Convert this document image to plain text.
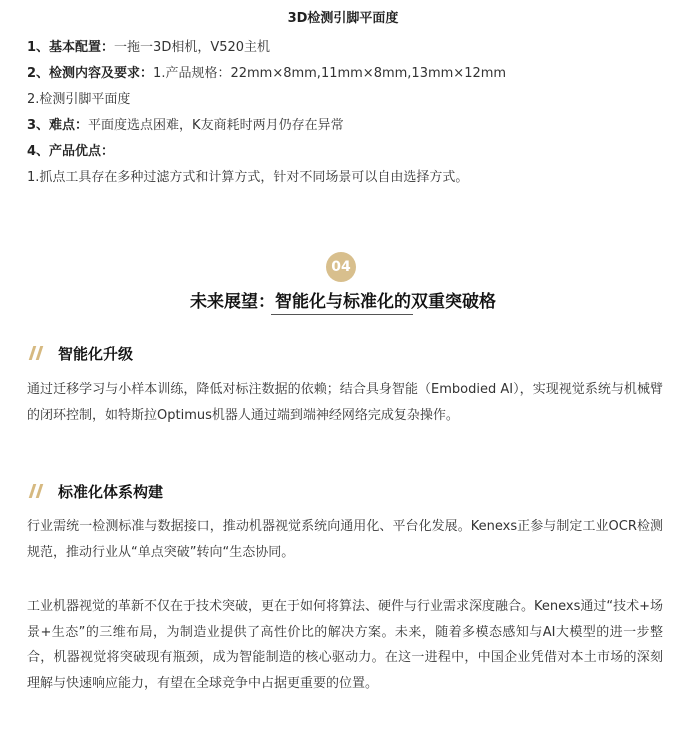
3D检测引脚平面度
1、基本配置：一拖一3D相机，V520主机
2、检测内容及要求：1.产品规格：22mm×8mm,11mm×8mm,13mm×12mm
2.检测引脚平面度
3、难点：平面度选点困难，K友商耗时两月仍存在异常
4、产品优点：
1.抓点工具存在多种过滤方式和计算方式，针对不同场景可以自由选择方式。
04
未来展望：智能化与标准化的双重突破格
智能化升级
通过迁移学习与小样本训练，降低对标注数据的依赖；结合具身智能（Embodied AI），实现视觉系统与机械臂的闭环控制，如特斯拉Optimus机器人通过端到端神经网络完成复杂操作。
标准化体系构建
行业需统一检测标准与数据接口，推动机器视觉系统向通用化、平台化发展。Kenexs正参与制定工业OCR检测规范，推动行业从“单点突破”转向“生态协同。
工业机器视觉的革新不仅在于技术突破，更在于如何将算法、硬件与行业需求深度融合。Kenexs通过“技术+场景+生态”的三维布局，为制造业提供了高性价比的解决方案。未来，随着多模态感知与AI大模型的进一步整合，机器视觉将突破现有瓶颈，成为智能制造的核心驱动力。在这一进程中，中国企业凭借对本土市场的深刻理解与快速响应能力，有望在全球竞争中占据更重要的位置。
